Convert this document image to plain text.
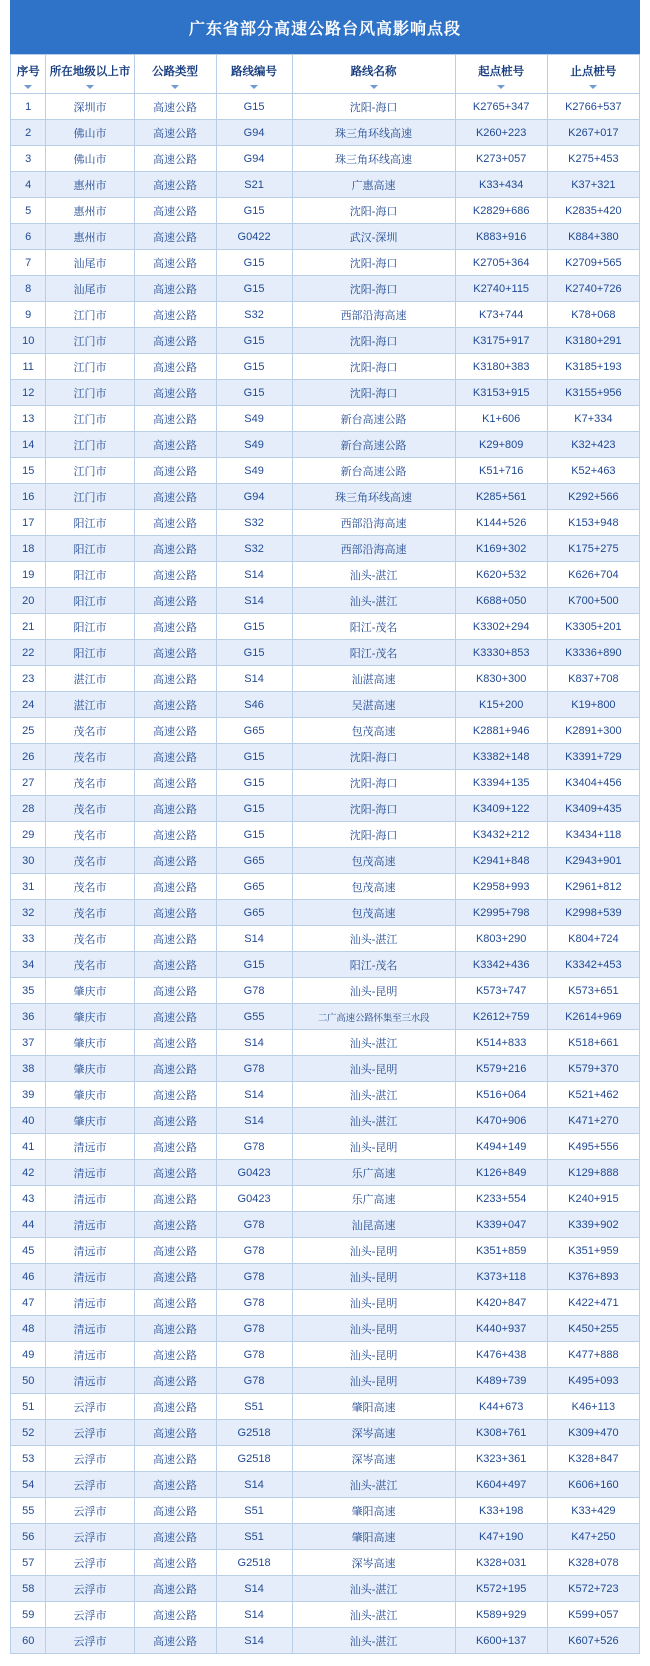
广东省部分高速公路台风高影响点段
序号	所在地级以上市	公路类型	路线编号	路线名称	起点桩号	止点桩号

1	深圳市	高速公路	G15	沈阳-海口	K2765+347	K2766+537
2	佛山市	高速公路	G94	珠三角环线高速	K260+223	K267+017
3	佛山市	高速公路	G94	珠三角环线高速	K273+057	K275+453
4	惠州市	高速公路	S21	广惠高速	K33+434	K37+321
5	惠州市	高速公路	G15	沈阳-海口	K2829+686	K2835+420
6	惠州市	高速公路	G0422	武汉-深圳	K883+916	K884+380
7	汕尾市	高速公路	G15	沈阳-海口	K2705+364	K2709+565
8	汕尾市	高速公路	G15	沈阳-海口	K2740+115	K2740+726
9	江门市	高速公路	S32	西部沿海高速	K73+744	K78+068
10	江门市	高速公路	G15	沈阳-海口	K3175+917	K3180+291
11	江门市	高速公路	G15	沈阳-海口	K3180+383	K3185+193
12	江门市	高速公路	G15	沈阳-海口	K3153+915	K3155+956
13	江门市	高速公路	S49	新台高速公路	K1+606	K7+334
14	江门市	高速公路	S49	新台高速公路	K29+809	K32+423
15	江门市	高速公路	S49	新台高速公路	K51+716	K52+463
16	江门市	高速公路	G94	珠三角环线高速	K285+561	K292+566
17	阳江市	高速公路	S32	西部沿海高速	K144+526	K153+948
18	阳江市	高速公路	S32	西部沿海高速	K169+302	K175+275
19	阳江市	高速公路	S14	汕头-湛江	K620+532	K626+704
20	阳江市	高速公路	S14	汕头-湛江	K688+050	K700+500
21	阳江市	高速公路	G15	阳江-茂名	K3302+294	K3305+201
22	阳江市	高速公路	G15	阳江-茂名	K3330+853	K3336+890
23	湛江市	高速公路	S14	汕湛高速	K830+300	K837+708
24	湛江市	高速公路	S46	吴湛高速	K15+200	K19+800
25	茂名市	高速公路	G65	包茂高速	K2881+946	K2891+300
26	茂名市	高速公路	G15	沈阳-海口	K3382+148	K3391+729
27	茂名市	高速公路	G15	沈阳-海口	K3394+135	K3404+456
28	茂名市	高速公路	G15	沈阳-海口	K3409+122	K3409+435
29	茂名市	高速公路	G15	沈阳-海口	K3432+212	K3434+118
30	茂名市	高速公路	G65	包茂高速	K2941+848	K2943+901
31	茂名市	高速公路	G65	包茂高速	K2958+993	K2961+812
32	茂名市	高速公路	G65	包茂高速	K2995+798	K2998+539
33	茂名市	高速公路	S14	汕头-湛江	K803+290	K804+724
34	茂名市	高速公路	G15	阳江-茂名	K3342+436	K3342+453
35	肇庆市	高速公路	G78	汕头-昆明	K573+747	K573+651
36	肇庆市	高速公路	G55	二广高速公路怀集至三水段	K2612+759	K2614+969
37	肇庆市	高速公路	S14	汕头-湛江	K514+833	K518+661
38	肇庆市	高速公路	G78	汕头-昆明	K579+216	K579+370
39	肇庆市	高速公路	S14	汕头-湛江	K516+064	K521+462
40	肇庆市	高速公路	S14	汕头-湛江	K470+906	K471+270
41	清远市	高速公路	G78	汕头-昆明	K494+149	K495+556
42	清远市	高速公路	G0423	乐广高速	K126+849	K129+888
43	清远市	高速公路	G0423	乐广高速	K233+554	K240+915
44	清远市	高速公路	G78	汕昆高速	K339+047	K339+902
45	清远市	高速公路	G78	汕头-昆明	K351+859	K351+959
46	清远市	高速公路	G78	汕头-昆明	K373+118	K376+893
47	清远市	高速公路	G78	汕头-昆明	K420+847	K422+471
48	清远市	高速公路	G78	汕头-昆明	K440+937	K450+255
49	清远市	高速公路	G78	汕头-昆明	K476+438	K477+888
50	清远市	高速公路	G78	汕头-昆明	K489+739	K495+093
51	云浮市	高速公路	S51	肇阳高速	K44+673	K46+113
52	云浮市	高速公路	G2518	深岑高速	K308+761	K309+470
53	云浮市	高速公路	G2518	深岑高速	K323+361	K328+847
54	云浮市	高速公路	S14	汕头-湛江	K604+497	K606+160
55	云浮市	高速公路	S51	肇阳高速	K33+198	K33+429
56	云浮市	高速公路	S51	肇阳高速	K47+190	K47+250
57	云浮市	高速公路	G2518	深岑高速	K328+031	K328+078
58	云浮市	高速公路	S14	汕头-湛江	K572+195	K572+723
59	云浮市	高速公路	S14	汕头-湛江	K589+929	K599+057
60	云浮市	高速公路	S14	汕头-湛江	K600+137	K607+526
